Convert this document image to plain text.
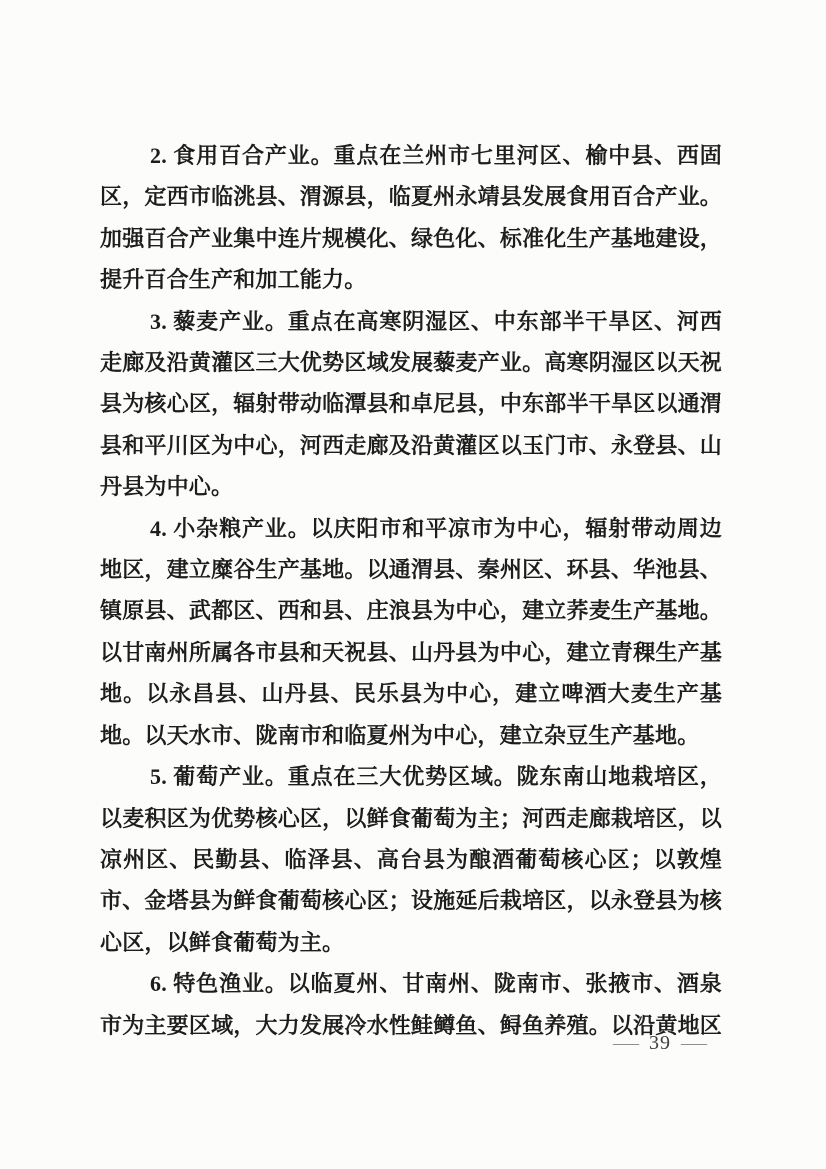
2. 食用百合产业。重点在兰州市七里河区、榆中县、西固区，定西市临洮县、渭源县，临夏州永靖县发展食用百合产业。加强百合产业集中连片规模化、绿色化、标准化生产基地建设，提升百合生产和加工能力。

3. 藜麦产业。重点在高寒阴湿区、中东部半干旱区、河西走廊及沿黄灌区三大优势区域发展藜麦产业。高寒阴湿区以天祝县为核心区，辐射带动临潭县和卓尼县，中东部半干旱区以通渭县和平川区为中心，河西走廊及沿黄灌区以玉门市、永登县、山丹县为中心。

4. 小杂粮产业。以庆阳市和平凉市为中心，辐射带动周边地区，建立糜谷生产基地。以通渭县、秦州区、环县、华池县、镇原县、武都区、西和县、庄浪县为中心，建立荞麦生产基地。以甘南州所属各市县和天祝县、山丹县为中心，建立青稞生产基地。以永昌县、山丹县、民乐县为中心，建立啤酒大麦生产基地。以天水市、陇南市和临夏州为中心，建立杂豆生产基地。

5. 葡萄产业。重点在三大优势区域。陇东南山地栽培区，以麦积区为优势核心区，以鲜食葡萄为主；河西走廊栽培区，以凉州区、民勤县、临泽县、高台县为酿酒葡萄核心区；以敦煌市、金塔县为鲜食葡萄核心区；设施延后栽培区，以永登县为核心区，以鲜食葡萄为主。

6. 特色渔业。以临夏州、甘南州、陇南市、张掖市、酒泉市为主要区域，大力发展冷水性鲑鳟鱼、鲟鱼养殖。以沿黄地区

— 39 —
